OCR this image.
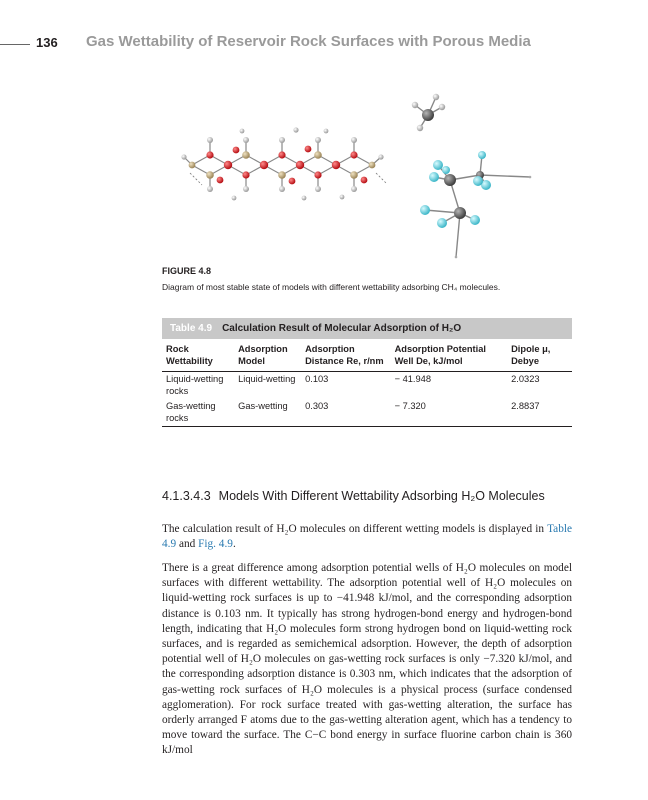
136 Gas Wettability of Reservoir Rock Surfaces with Porous Media
FIGURE 4.8
Diagram of most stable state of models with different wettability adsorbing CH₄ molecules.
Table 4.9 Calculation Result of Molecular Adsorption of H₂O
Rock Wettability	Adsorption Model	Adsorption Distance Re, r/nm	Adsorption Potential Well De, kJ/mol	Dipole μ, Debye
Liquid-wetting rocks	Liquid-wetting	0.103	− 41.948	2.0323
Gas-wetting rocks	Gas-wetting	0.303	− 7.320	2.8837
4.1.3.4.3 Models With Different Wettability Adsorbing H₂O Molecules

The calculation result of H₂O molecules on different wetting models is displayed in Table 4.9 and Fig. 4.9.

There is a great difference among adsorption potential wells of H₂O molecules on model surfaces with different wettability. The adsorption potential well of H₂O molecules on liquid-wetting rock surfaces is up to −41.948 kJ/mol, and the corresponding adsorption distance is 0.103 nm. It typically has strong hydrogen-bond energy and hydrogen-bond length, indicating that H₂O molecules form strong hydrogen bond on liquid-wetting rock surfaces, and is regarded as semichemical adsorption. However, the depth of adsorption potential well of H₂O molecules on gas-wetting rock surfaces is only −7.320 kJ/mol, and the corresponding adsorption distance is 0.303 nm, which indicates that the adsorption of gas-wetting rock surfaces of H₂O molecules is a physical process (surface condensed agglomeration). For rock surface treated with gas-wetting alteration, the surface has orderly arranged F atoms due to the gas-wetting alteration agent, which has a tendency to move toward the surface. The C−C bond energy in surface fluorine carbon chain is 360 kJ/mol
